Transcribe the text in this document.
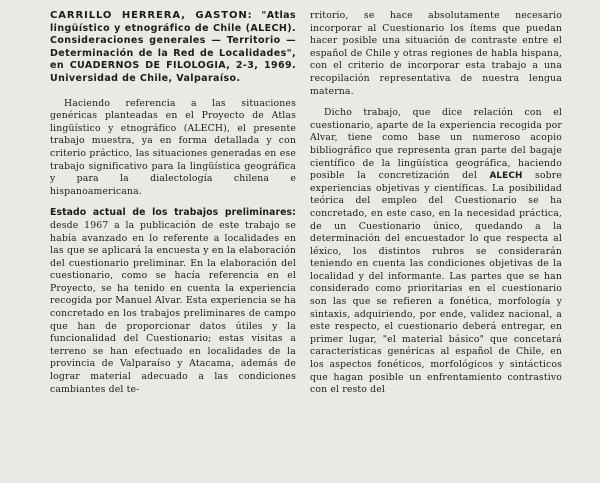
CARRILLO HERRERA, GASTON: "Atlas lingüístico y etnográfico de Chile (ALECH). Consideraciones generales — Territorio — Determinación de la Red de Localidades", en CUADERNOS DE FILOLOGIA, 2-3, 1969. Universidad de Chile, Valparaíso.

Haciendo referencia a las situaciones genéricas planteadas en el Proyecto de Atlas lingüístico y etnográfico (ALECH), el presente trabajo muestra, ya en forma detallada y con criterio práctico, las situaciones generadas en ese trabajo significativo para la lingüística geográfica y para la dialectología chilena e hispanoamericana.

Estado actual de los trabajos preliminares: desde 1967 a la publicación de este trabajo se había avanzado en lo referente a localidades en las que se aplicará la encuesta y en la elaboración del cuestionario preliminar. En la elaboración del cuestionario, como se hacía referencia en el Proyecto, se ha tenido en cuenta la experiencia recogida por Manuel Alvar. Esta experiencia se ha concretado en los trabajos preliminares de campo que han de proporcionar datos útiles y la funcionalidad del Cuestionario; estas visitas a terreno se han efectuado en localidades de la provincia de Valparaíso y Atacama, además de lograr material adecuado a las condiciones cambiantes del te-

rritorio, se hace absolutamente necesario incorporar al Cuestionario los ítems que puedan hacer posible una situación de contraste entre el español de Chile y otras regiones de habla hispana, con el criterio de incorporar esta trabajo a una recopilación representativa de nuestra lengua materna.

Dicho trabajo, que dice relación con el cuestionario, aparte de la experiencia recogida por Alvar, tiene como base un numeroso acopio bibliográfico que representa gran parte del bagaje científico de la lingüística geográfica, haciendo posible la concretización del ALECH sobre experiencias objetivas y científicas. La posibilidad teórica del empleo del Cuestionario se ha concretado, en este caso, en la necesidad práctica, de un Cuestionario único, quedando a la determinación del encuestador lo que respecta al léxico, los distintos rubros se considerarán teniendo en cuenta las condiciones objetivas de la localidad y del informante. Las partes que se han considerado como prioritarias en el cuestionario son las que se refieren a fonética, morfología y sintaxis, adquiriendo, por ende, validez nacional, a este respecto, el cuestionario deberá entregar, en primer lugar, "el material básico" que concetará características genéricas al español de Chile, en los aspectos fonéticos, morfológicos y sintácticos que hagan posible un enfrentamiento contrastivo con el resto del
